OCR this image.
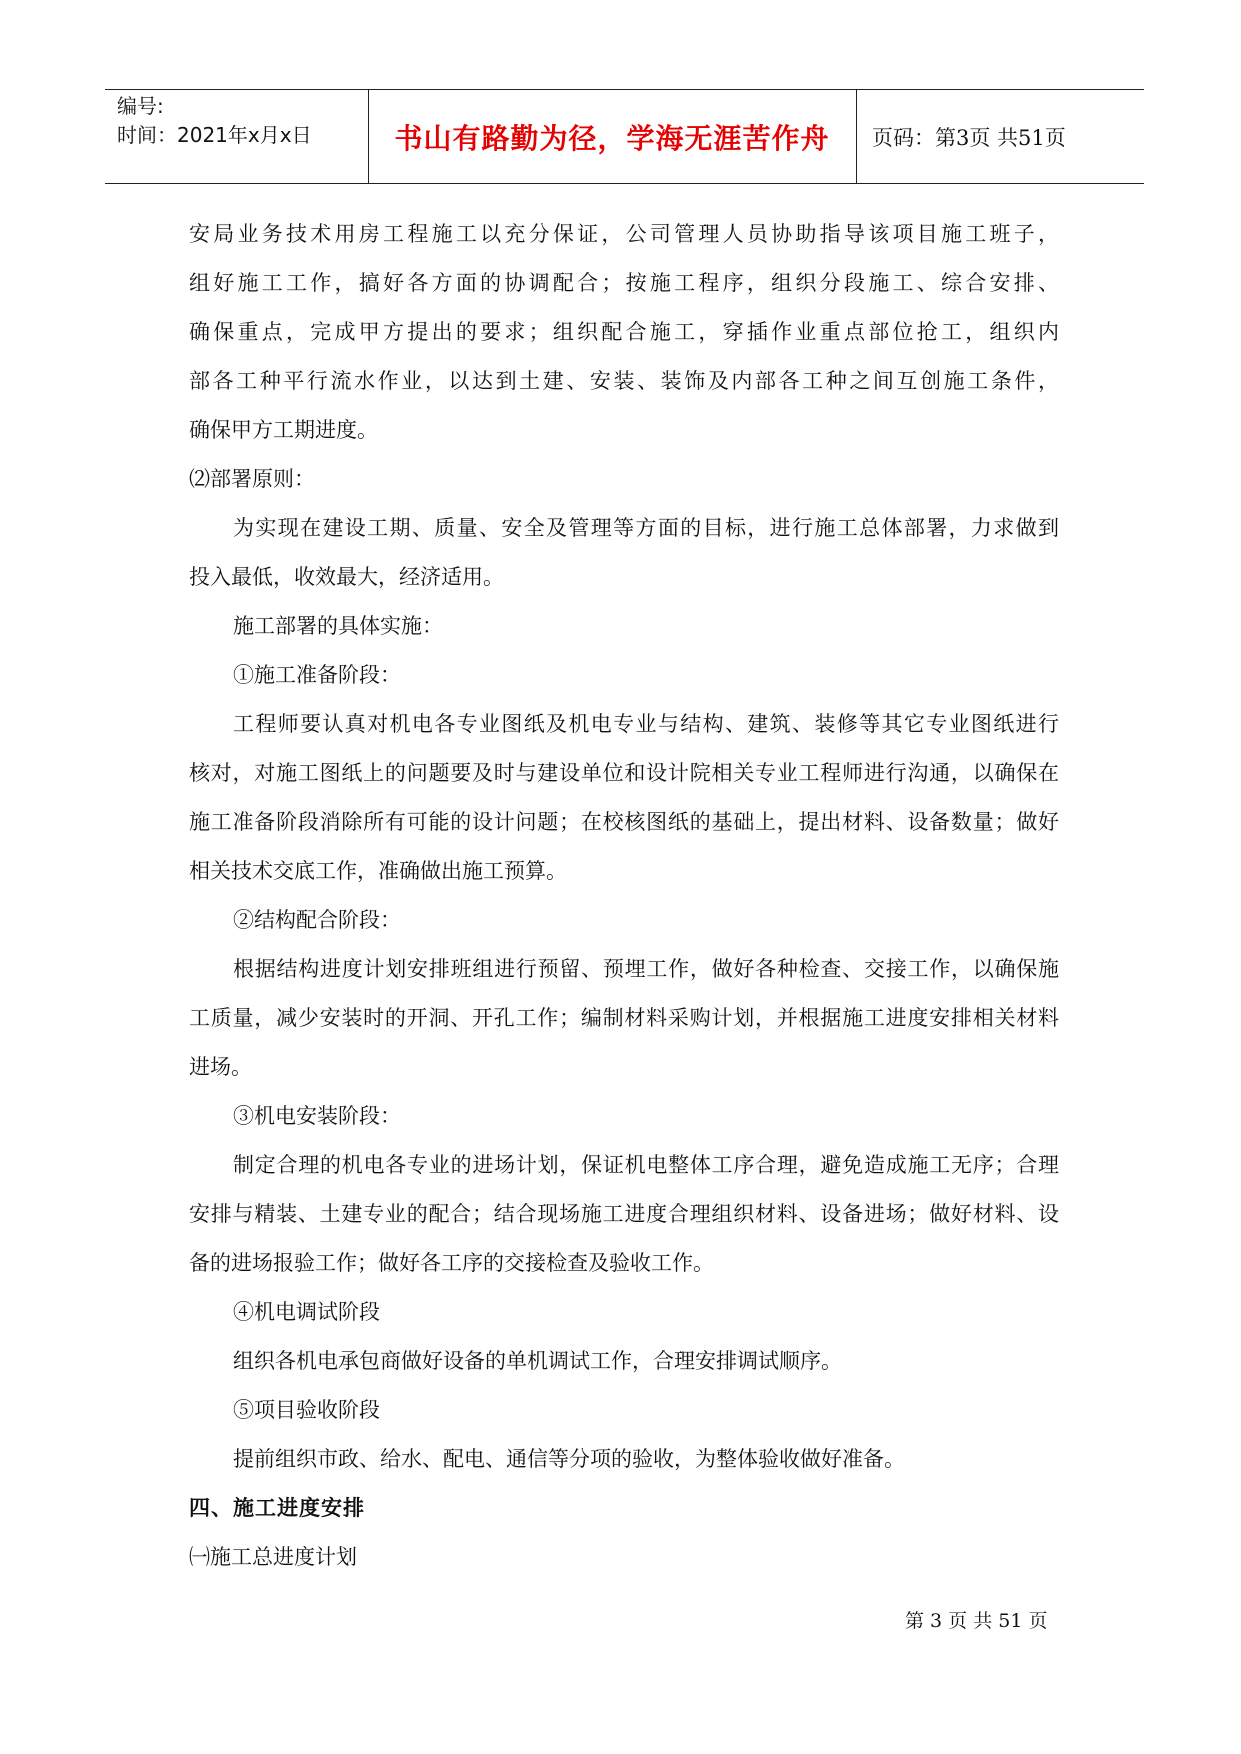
编号:
时间：2021年x月x日	书山有路勤为径，学海无涯苦作舟	页码：第3页 共51页
安局业务技术用房工程施工以充分保证，公司管理人员协助指导该项目施工班子，
组好施工工作，搞好各方面的协调配合；按施工程序，组织分段施工、综合安排、
确保重点，完成甲方提出的要求；组织配合施工，穿插作业重点部位抢工，组织内
部各工种平行流水作业，以达到土建、安装、装饰及内部各工种之间互创施工条件，
确保甲方工期进度。
⑵部署原则：
为实现在建设工期、质量、安全及管理等方面的目标，进行施工总体部署，力求做到
投入最低，收效最大，经济适用。
施工部署的具体实施：
①施工准备阶段：
工程师要认真对机电各专业图纸及机电专业与结构、建筑、装修等其它专业图纸进行
核对，对施工图纸上的问题要及时与建设单位和设计院相关专业工程师进行沟通，以确保在
施工准备阶段消除所有可能的设计问题；在校核图纸的基础上，提出材料、设备数量；做好
相关技术交底工作，准确做出施工预算。
②结构配合阶段：
根据结构进度计划安排班组进行预留、预埋工作，做好各种检查、交接工作，以确保施
工质量，减少安装时的开洞、开孔工作；编制材料采购计划，并根据施工进度安排相关材料
进场。
③机电安装阶段：
制定合理的机电各专业的进场计划，保证机电整体工序合理，避免造成施工无序；合理
安排与精装、土建专业的配合；结合现场施工进度合理组织材料、设备进场；做好材料、设
备的进场报验工作；做好各工序的交接检查及验收工作。
④机电调试阶段
组织各机电承包商做好设备的单机调试工作，合理安排调试顺序。
⑤项目验收阶段
提前组织市政、给水、配电、通信等分项的验收，为整体验收做好准备。
四、施工进度安排
㈠施工总进度计划
第 3 页 共 51 页
